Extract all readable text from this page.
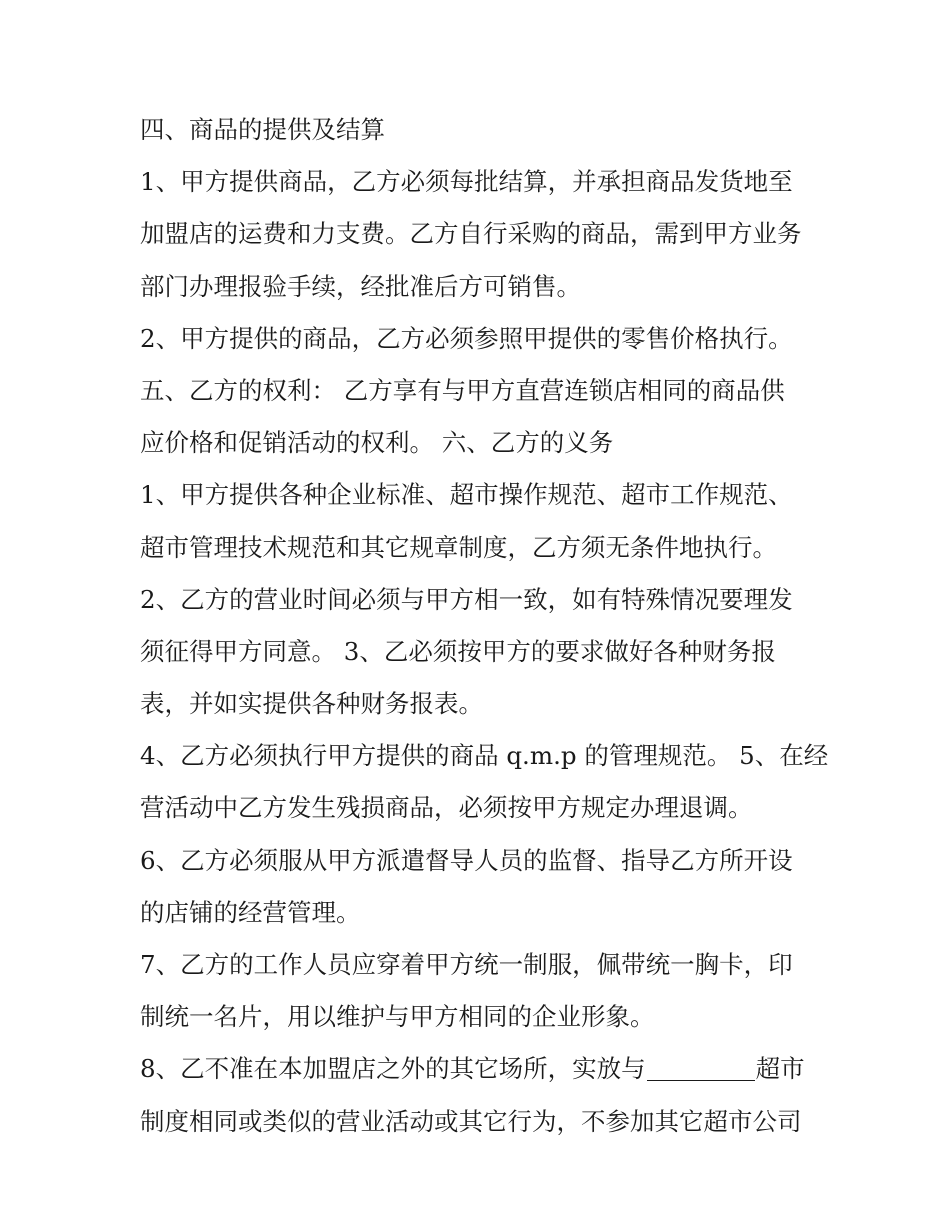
四、商品的提供及结算
1、甲方提供商品，乙方必须每批结算，并承担商品发货地至
加盟店的运费和力支费。乙方自行采购的商品，需到甲方业务
部门办理报验手续，经批准后方可销售。
2、甲方提供的商品，乙方必须参照甲提供的零售价格执行。
五、乙方的权利： 乙方享有与甲方直营连锁店相同的商品供
应价格和促销活动的权利。 六、乙方的义务
1、甲方提供各种企业标准、超市操作规范、超市工作规范、
超市管理技术规范和其它规章制度，乙方须无条件地执行。
2、乙方的营业时间必须与甲方相一致，如有特殊情况要理发
须征得甲方同意。 3、乙必须按甲方的要求做好各种财务报
表，并如实提供各种财务报表。
4、乙方必须执行甲方提供的商品 q.m.p 的管理规范。 5、在经
营活动中乙方发生残损商品，必须按甲方规定办理退调。
6、乙方必须服从甲方派遣督导人员的监督、指导乙方所开设
的店铺的经营管理。
7、乙方的工作人员应穿着甲方统一制服，佩带统一胸卡，印
制统一名片，用以维护与甲方相同的企业形象。
8、乙不准在本加盟店之外的其它场所，实放与	超市
制度相同或类似的营业活动或其它行为，不参加其它超市公司
